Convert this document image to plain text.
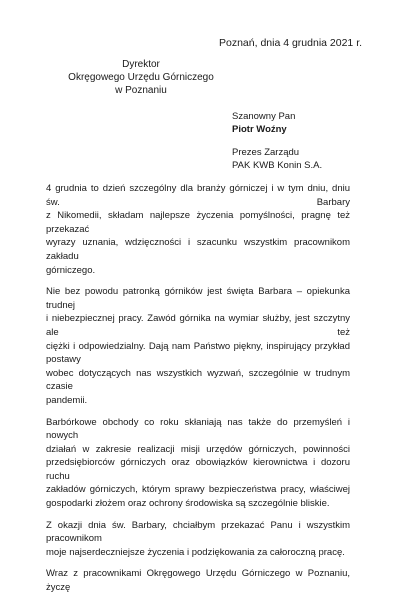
Poznań, dnia 4 grudnia 2021 r.
Dyrektor
Okręgowego Urzędu Górniczego
w Poznaniu
Szanowny Pan
Piotr Woźny
Prezes Zarządu
PAK KWB Konin S.A.

4 grudnia to dzień szczególny dla branży górniczej i w tym dniu, dniu św. Barbary
z Nikomedii, składam najlepsze życzenia pomyślności, pragnę też przekazać
wyrazy uznania, wdzięczności i szacunku wszystkim pracownikom zakładu
górniczego.

Nie bez powodu patronką górników jest święta Barbara – opiekunka trudnej
i niebezpiecznej pracy. Zawód górnika na wymiar służby, jest szczytny ale też
ciężki i odpowiedzialny. Dają nam Państwo piękny, inspirujący przykład postawy
wobec dotyczących nas wszystkich wyzwań, szczególnie w trudnym czasie
pandemii.

Barbórkowe obchody co roku skłaniają nas także do przemyśleń i nowych
działań w zakresie realizacji misji urzędów górniczych, powinności
przedsiębiorców górniczych oraz obowiązków kierownictwa i dozoru ruchu
zakładów górniczych, którym sprawy bezpieczeństwa pracy, właściwej
gospodarki złożem oraz ochrony środowiska są szczególnie bliskie.

Z okazji dnia św. Barbary, chciałbym przekazać Panu i wszystkim pracownikom
moje najserdeczniejsze życzenia i podziękowania za całoroczną pracę.

Wraz z pracownikami Okręgowego Urzędu Górniczego w Poznaniu, życzę
